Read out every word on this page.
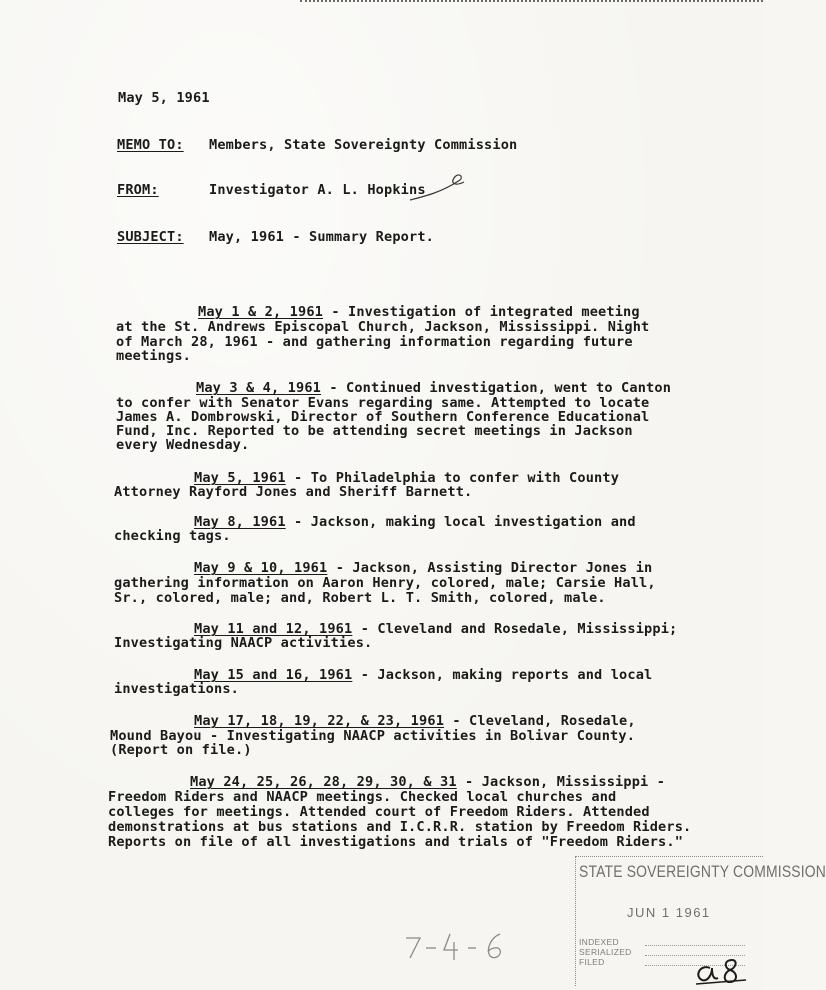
May 5, 1961
MEMO TO: Members, State Sovereignty Commission
FROM:	Investigator A. L. Hopkins
SUBJECT: May, 1961 - Summary Report.
May 1 & 2, 1961 - Investigation of integrated meeting
at the St. Andrews Episcopal Church, Jackson, Mississippi. Night
of March 28, 1961 - and gathering information regarding future
meetings.
May 3 & 4, 1961 - Continued investigation, went to Canton
to confer with Senator Evans regarding same. Attempted to locate
James A. Dombrowski, Director of Southern Conference Educational
Fund, Inc. Reported to be attending secret meetings in Jackson
every Wednesday.
May 5, 1961 - To Philadelphia to confer with County
Attorney Rayford Jones and Sheriff Barnett.
May 8, 1961 - Jackson, making local investigation and
checking tags.
May 9 & 10, 1961 - Jackson, Assisting Director Jones in
gathering information on Aaron Henry, colored, male; Carsie Hall,
Sr., colored, male; and, Robert L. T. Smith, colored, male.
May 11 and 12, 1961 - Cleveland and Rosedale, Mississippi;
Investigating NAACP activities.
May 15 and 16, 1961 - Jackson, making reports and local
investigations.
May 17, 18, 19, 22, & 23, 1961 - Cleveland, Rosedale,
Mound Bayou - Investigating NAACP activities in Bolivar County.
(Report on file.)
May 24, 25, 26, 28, 29, 30, & 31 - Jackson, Mississippi -
Freedom Riders and NAACP meetings. Checked local churches and
colleges for meetings. Attended court of Freedom Riders. Attended
demonstrations at bus stations and I.C.R.R. station by Freedom Riders.
Reports on file of all investigations and trials of "Freedom Riders."
STATE SOVEREIGNTY COMMISSION
JUN 1 1961
INDEXED
SERIALIZED
FILED
